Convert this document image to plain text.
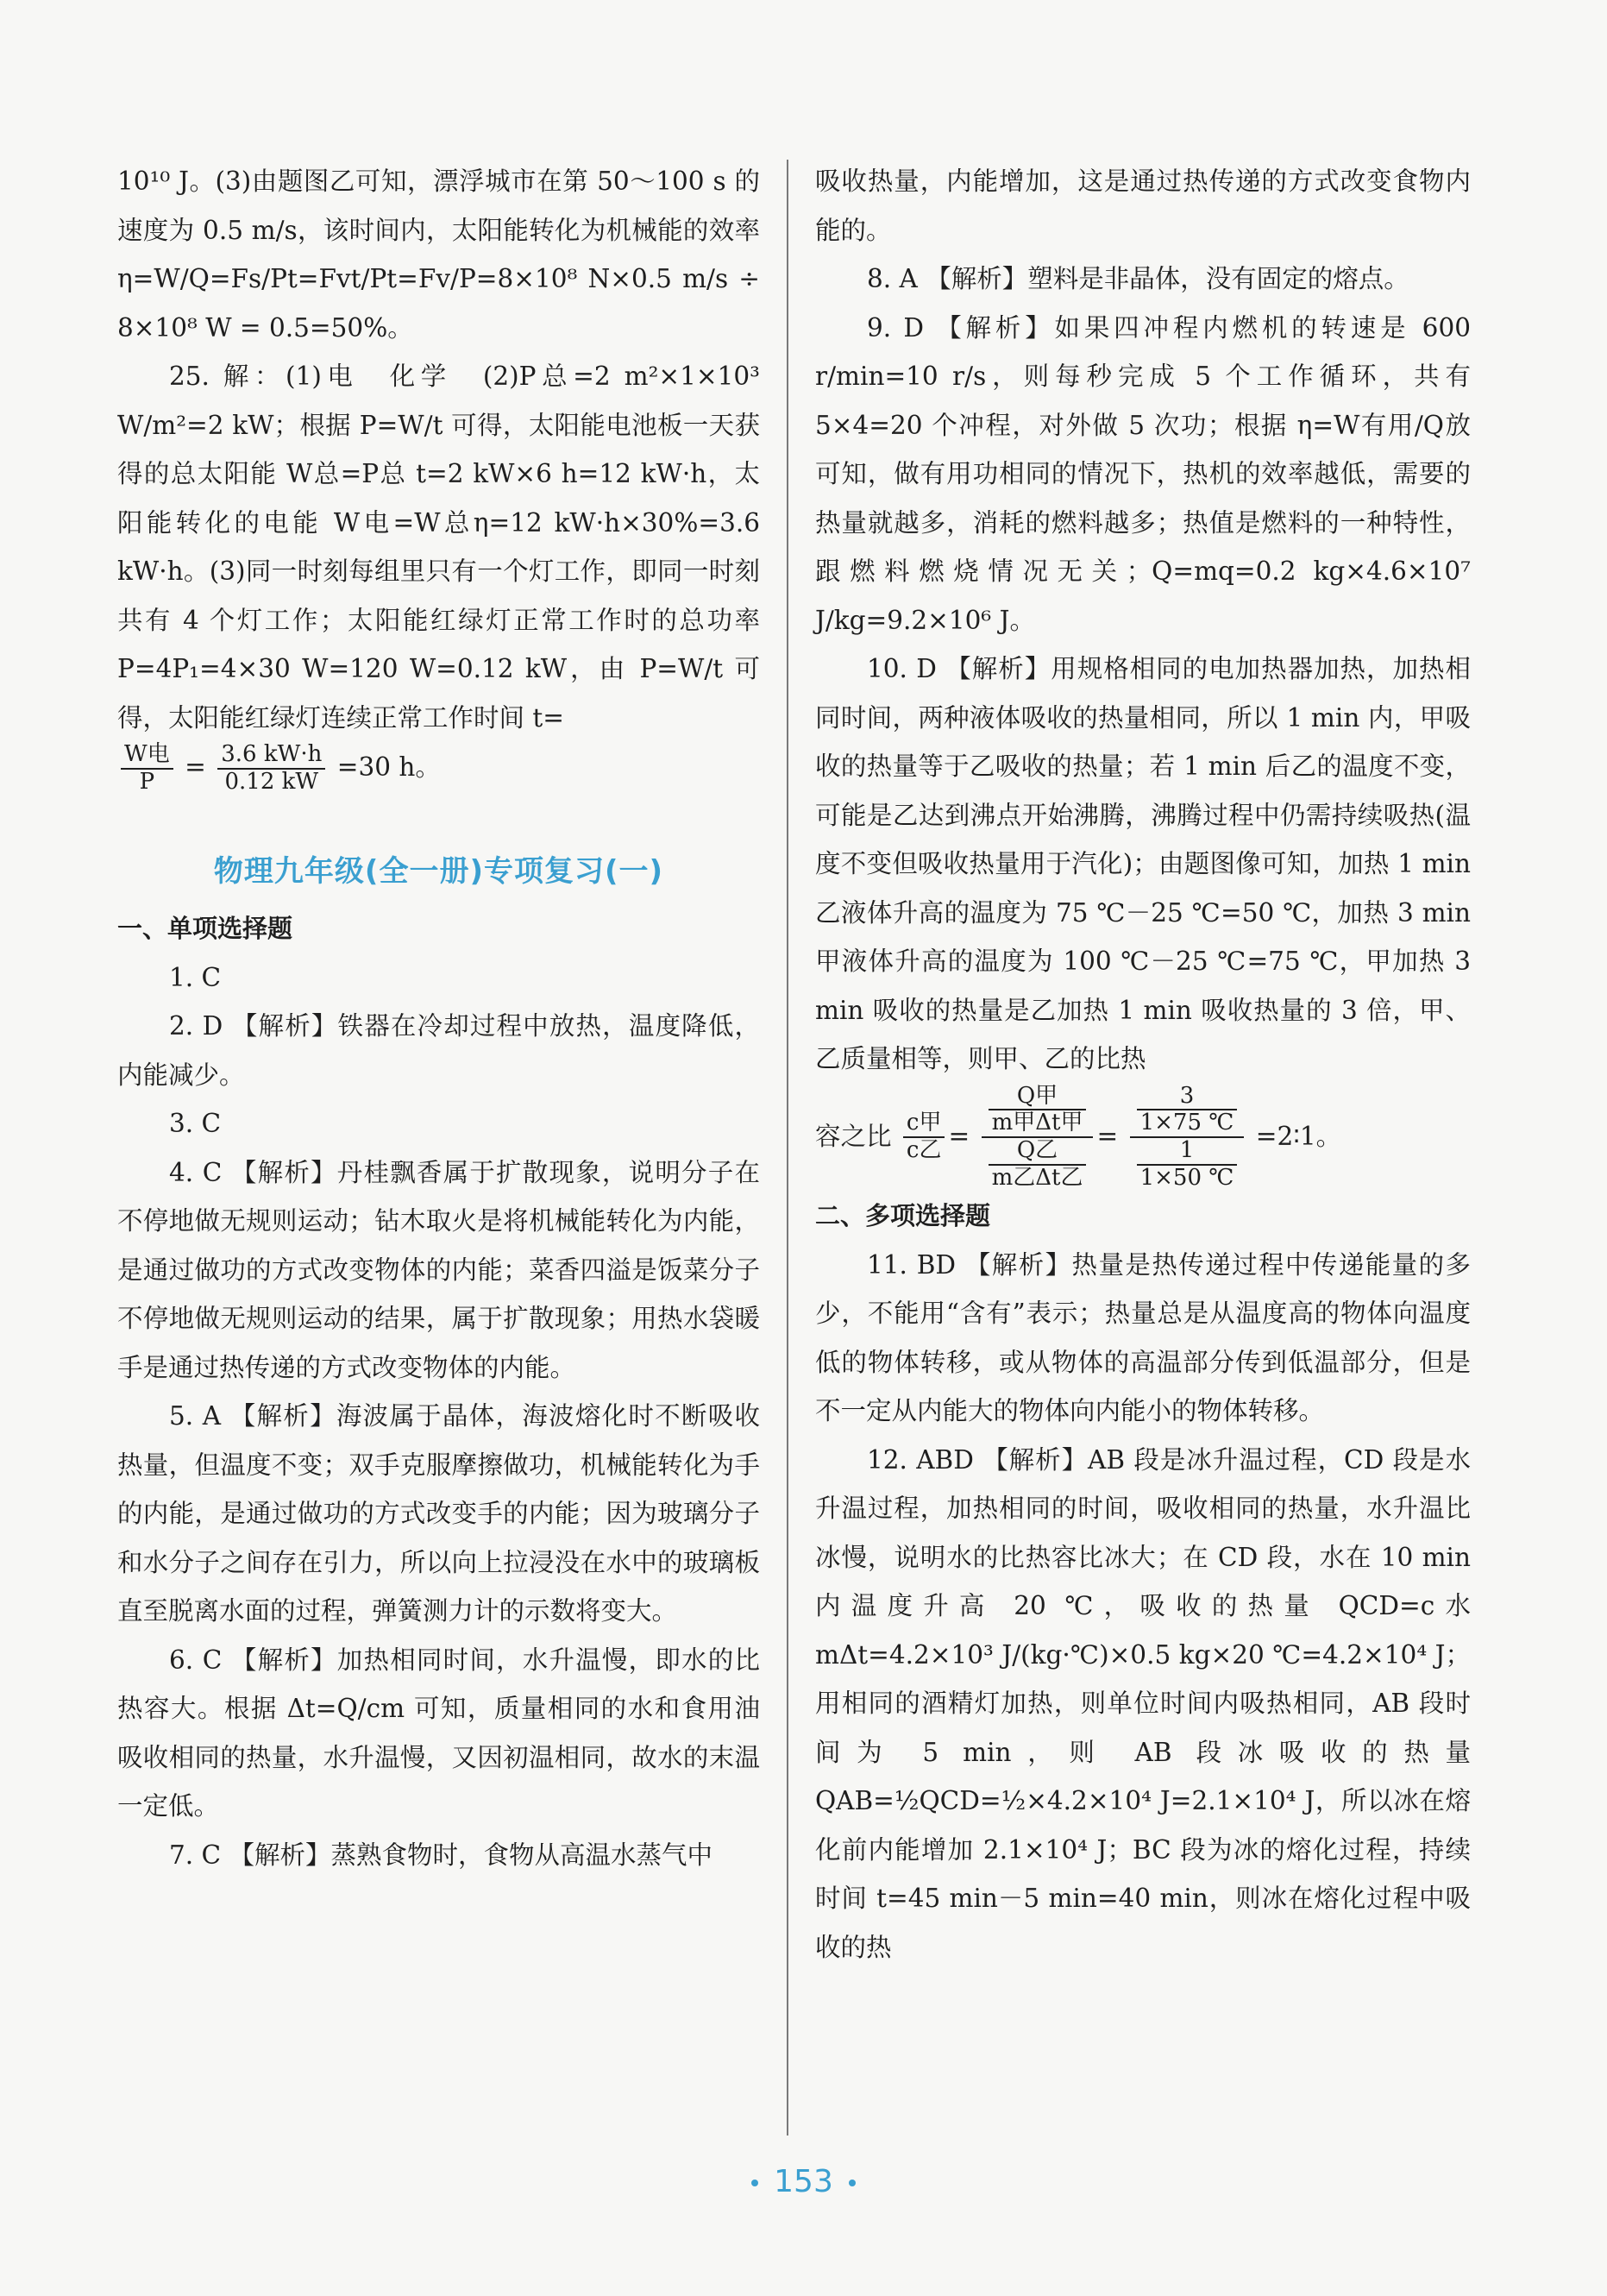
10¹⁰ J。(3)由题图乙可知，漂浮城市在第 50～100 s 的速度为 0.5 m/s，该时间内，太阳能转化为机械能的效率 η=W/Q=Fs/Pt=Fvt/Pt=Fv/P=8×10⁸ N×0.5 m/s ÷ 8×10⁸ W = 0.5=50%。

25. 解：(1)电　化学　(2)P总=2 m²×1×10³ W/m²=2 kW；根据 P=W/t 可得，太阳能电池板一天获得的总太阳能 W总=P总 t=2 kW×6 h=12 kW·h，太阳能转化的电能 W电=W总η=12 kW·h×30%=3.6 kW·h。(3)同一时刻每组里只有一个灯工作，即同一时刻共有 4 个灯工作；太阳能红绿灯正常工作时的总功率 P=4P₁=4×30 W=120 W=0.12 kW，由 P=W/t 可得，太阳能红绿灯连续正常工作时间 t=

$\frac{\text{W电}}{P} = \frac{3.6 kW\cdot h}{0.12 kW} =30$ h。

物理九年级(全一册)专项复习(一)

一、单项选择题

1. C

2. D 【解析】铁器在冷却过程中放热，温度降低，内能减少。

3. C

4. C 【解析】丹桂飘香属于扩散现象，说明分子在不停地做无规则运动；钻木取火是将机械能转化为内能，是通过做功的方式改变物体的内能；菜香四溢是饭菜分子不停地做无规则运动的结果，属于扩散现象；用热水袋暖手是通过热传递的方式改变物体的内能。

5. A 【解析】海波属于晶体，海波熔化时不断吸收热量，但温度不变；双手克服摩擦做功，机械能转化为手的内能，是通过做功的方式改变手的内能；因为玻璃分子和水分子之间存在引力，所以向上拉浸没在水中的玻璃板直至脱离水面的过程，弹簧测力计的示数将变大。

6. C 【解析】加热相同时间，水升温慢，即水的比热容大。根据 Δt=Q/cm 可知，质量相同的水和食用油吸收相同的热量，水升温慢，又因初温相同，故水的末温一定低。

7. C 【解析】蒸熟食物时，食物从高温水蒸气中

吸收热量，内能增加，这是通过热传递的方式改变食物内能的。

8. A 【解析】塑料是非晶体，没有固定的熔点。

9. D 【解析】如果四冲程内燃机的转速是 600 r/min=10 r/s，则每秒完成 5 个工作循环，共有 5×4=20 个冲程，对外做 5 次功；根据 η=W有用/Q放 可知，做有用功相同的情况下，热机的效率越低，需要的热量就越多，消耗的燃料越多；热值是燃料的一种特性，跟燃料燃烧情况无关；Q=mq=0.2 kg×4.6×10⁷ J/kg=9.2×10⁶ J。

10. D 【解析】用规格相同的电加热器加热，加热相同时间，两种液体吸收的热量相同，所以 1 min 内，甲吸收的热量等于乙吸收的热量；若 1 min 后乙的温度不变，可能是乙达到沸点开始沸腾，沸腾过程中仍需持续吸热(温度不变但吸收热量用于汽化)；由题图像可知，加热 1 min 乙液体升高的温度为 75 ℃－25 ℃=50 ℃，加热 3 min 甲液体升高的温度为 100 ℃－25 ℃=75 ℃，甲加热 3 min 吸收的热量是乙加热 1 min 吸收热量的 3 倍，甲、乙质量相等，则甲、乙的比热

容之比 $\frac{\text{c甲}}{\text{c乙}} = \frac{\frac{\text{Q甲}}{\text{m甲Δt甲}}}{\frac{\text{Q乙}}{\text{m乙Δt乙}}} = \frac{\frac{3}{1\times 75 ℃}}{\frac{1}{1\times 50 ℃}}$ =2∶1。

二、多项选择题

11. BD 【解析】热量是热传递过程中传递能量的多少，不能用“含有”表示；热量总是从温度高的物体向温度低的物体转移，或从物体的高温部分传到低温部分，但是不一定从内能大的物体向内能小的物体转移。

12. ABD 【解析】AB 段是冰升温过程，CD 段是水升温过程，加热相同的时间，吸收相同的热量，水升温比冰慢，说明水的比热容比冰大；在 CD 段，水在 10 min 内温度升高 20 ℃，吸收的热量 QCD=c水mΔt=4.2×10³ J/(kg·℃)×0.5 kg×20 ℃=4.2×10⁴ J；用相同的酒精灯加热，则单位时间内吸热相同，AB 段时间为 5 min，则 AB 段冰吸收的热量 QAB=½QCD=½×4.2×10⁴ J=2.1×10⁴ J，所以冰在熔化前内能增加 2.1×10⁴ J；BC 段为冰的熔化过程，持续时间 t=45 min－5 min=40 min，则冰在熔化过程中吸收的热

153
